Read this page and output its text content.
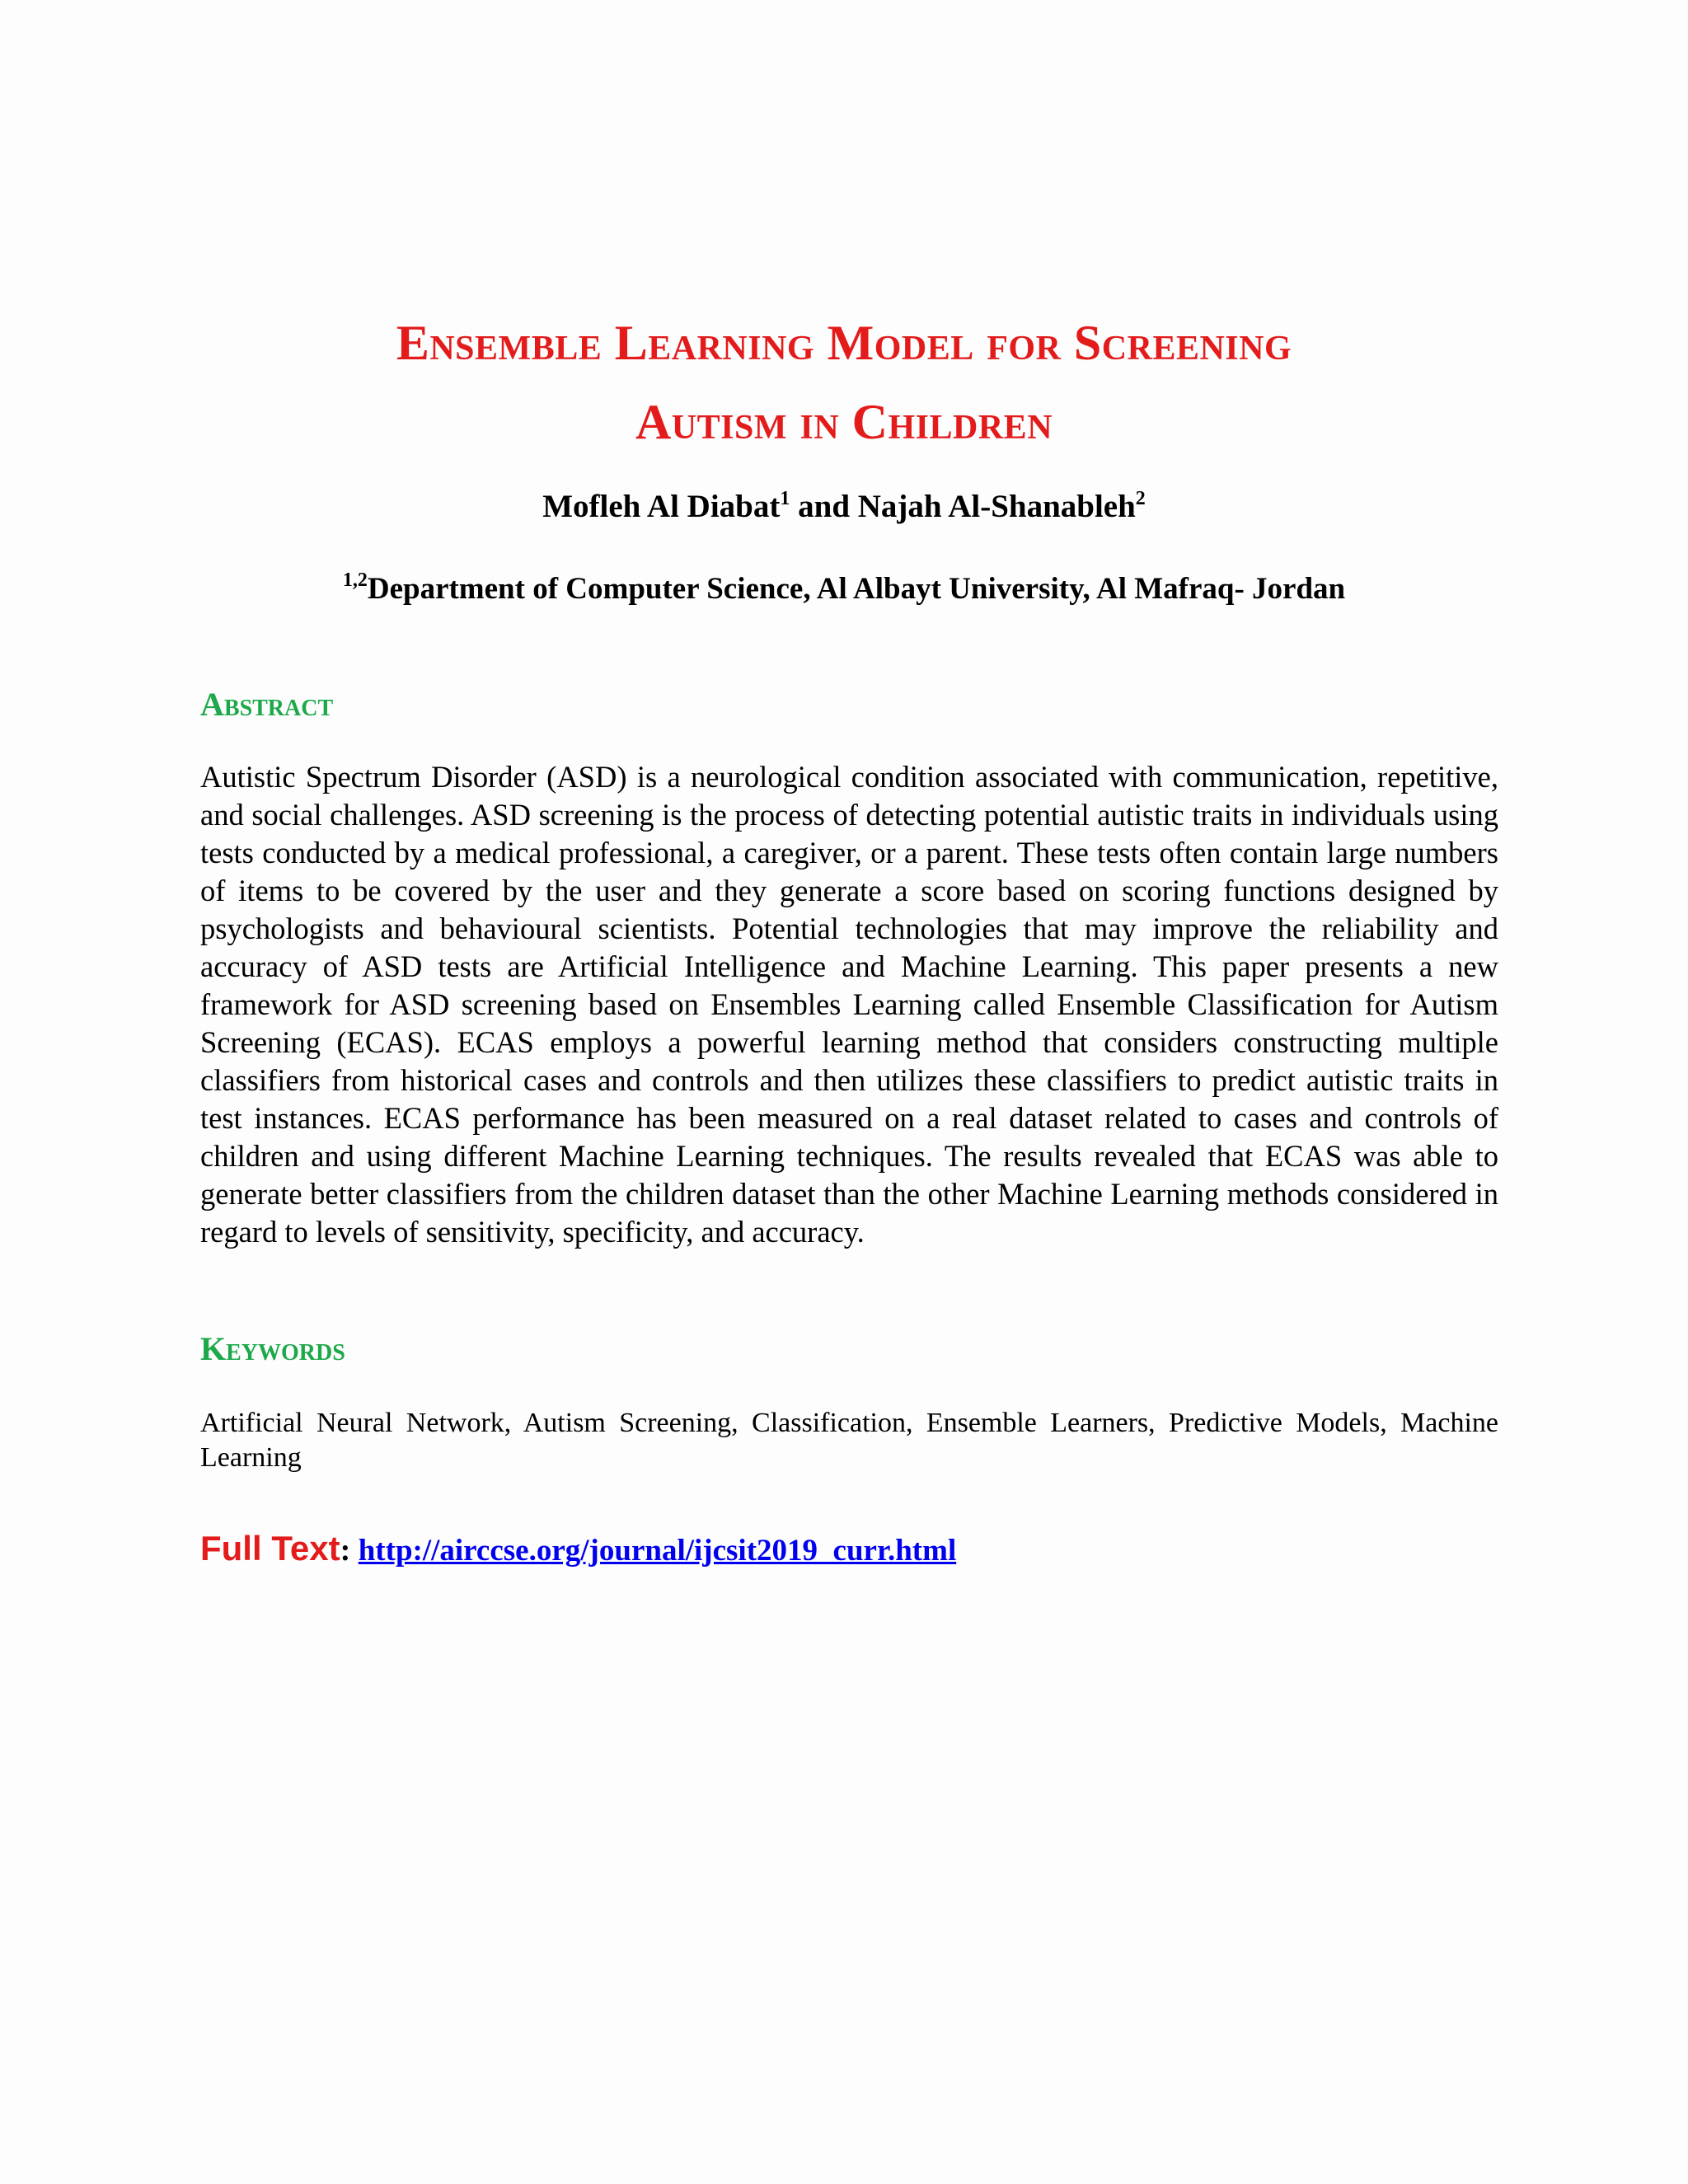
Ensemble Learning Model for Screening
Autism in Children
Mofleh Al Diabat$^1$ and Najah Al-Shanableh$^2$
$^{1,2}$Department of Computer Science, Al Albayt University, Al Mafraq- Jordan
Abstract
Autistic Spectrum Disorder (ASD) is a neurological condition associated with communication, repetitive, and social challenges. ASD screening is the process of detecting potential autistic traits in individuals using tests conducted by a medical professional, a caregiver, or a parent. These tests often contain large numbers of items to be covered by the user and they generate a score based on scoring functions designed by psychologists and behavioural scientists. Potential technologies that may improve the reliability and accuracy of ASD tests are Artificial Intelligence and Machine Learning. This paper presents a new framework for ASD screening based on Ensembles Learning called Ensemble Classification for Autism Screening (ECAS). ECAS employs a powerful learning method that considers constructing multiple classifiers from historical cases and controls and then utilizes these classifiers to predict autistic traits in test instances. ECAS performance has been measured on a real dataset related to cases and controls of children and using different Machine Learning techniques. The results revealed that ECAS was able to generate better classifiers from the children dataset than the other Machine Learning methods considered in regard to levels of sensitivity, specificity, and accuracy.
Keywords
Artificial Neural Network, Autism Screening, Classification, Ensemble Learners, Predictive Models, Machine Learning
Full Text: http://airccse.org/journal/ijcsit2019_curr.html
